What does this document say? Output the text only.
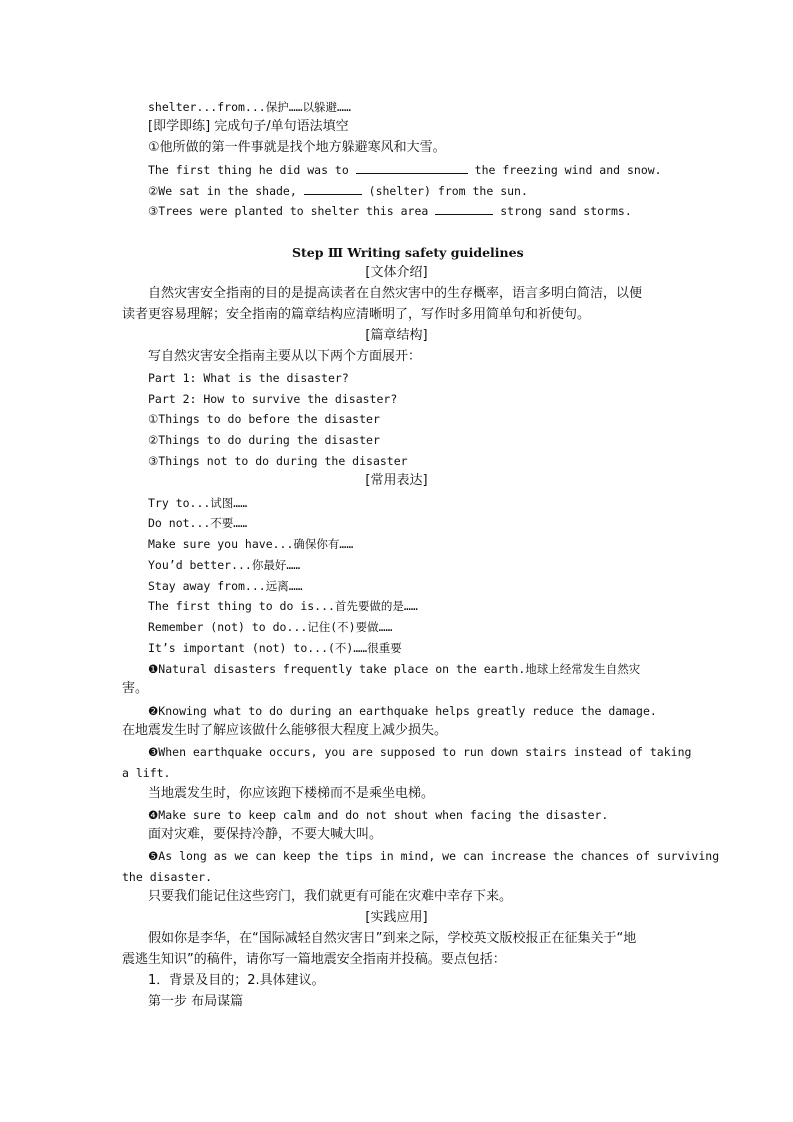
shelter...from...保护……以躲避……
[即学即练] 完成句子/单句语法填空
①他所做的第一件事就是找个地方躲避寒风和大雪。
The first thing he did was to	the freezing wind and snow.
②We sat in the shade,	(shelter) from the sun.
③Trees were planted to shelter this area	strong sand storms.
Step Ⅲ Writing safety guidelines
[文体介绍]
自然灾害安全指南的目的是提高读者在自然灾害中的生存概率，语言多明白简洁，以便
读者更容易理解；安全指南的篇章结构应清晰明了，写作时多用简单句和祈使句。
[篇章结构]
写自然灾害安全指南主要从以下两个方面展开：
Part 1: What is the disaster?
Part 2: How to survive the disaster?
①Things to do before the disaster
②Things to do during the disaster
③Things not to do during the disaster
[常用表达]
Try to...试图……
Do not...不要……
Make sure you have...确保你有……
You’d better...你最好……
Stay away from...远离……
The first thing to do is...首先要做的是……
Remember (not) to do...记住(不)要做……
It’s important (not) to...(不)……很重要
❶Natural disasters frequently take place on the earth.地球上经常发生自然灾
害。
❷Knowing what to do during an earthquake helps greatly reduce the damage.
在地震发生时了解应该做什么能够很大程度上减少损失。
❸When earthquake occurs, you are supposed to run down stairs instead of taking
a lift.
当地震发生时，你应该跑下楼梯而不是乘坐电梯。
❹Make sure to keep calm and do not shout when facing the disaster.
面对灾难，要保持冷静，不要大喊大叫。
❺As long as we can keep the tips in mind, we can increase the chances of surviving
the disaster.
只要我们能记住这些窍门，我们就更有可能在灾难中幸存下来。
[实践应用]
假如你是李华，在“国际减轻自然灾害日”到来之际，学校英文版校报正在征集关于“地
震逃生知识”的稿件，请你写一篇地震安全指南并投稿。要点包括：
1．背景及目的；2.具体建议。
第一步 布局谋篇
